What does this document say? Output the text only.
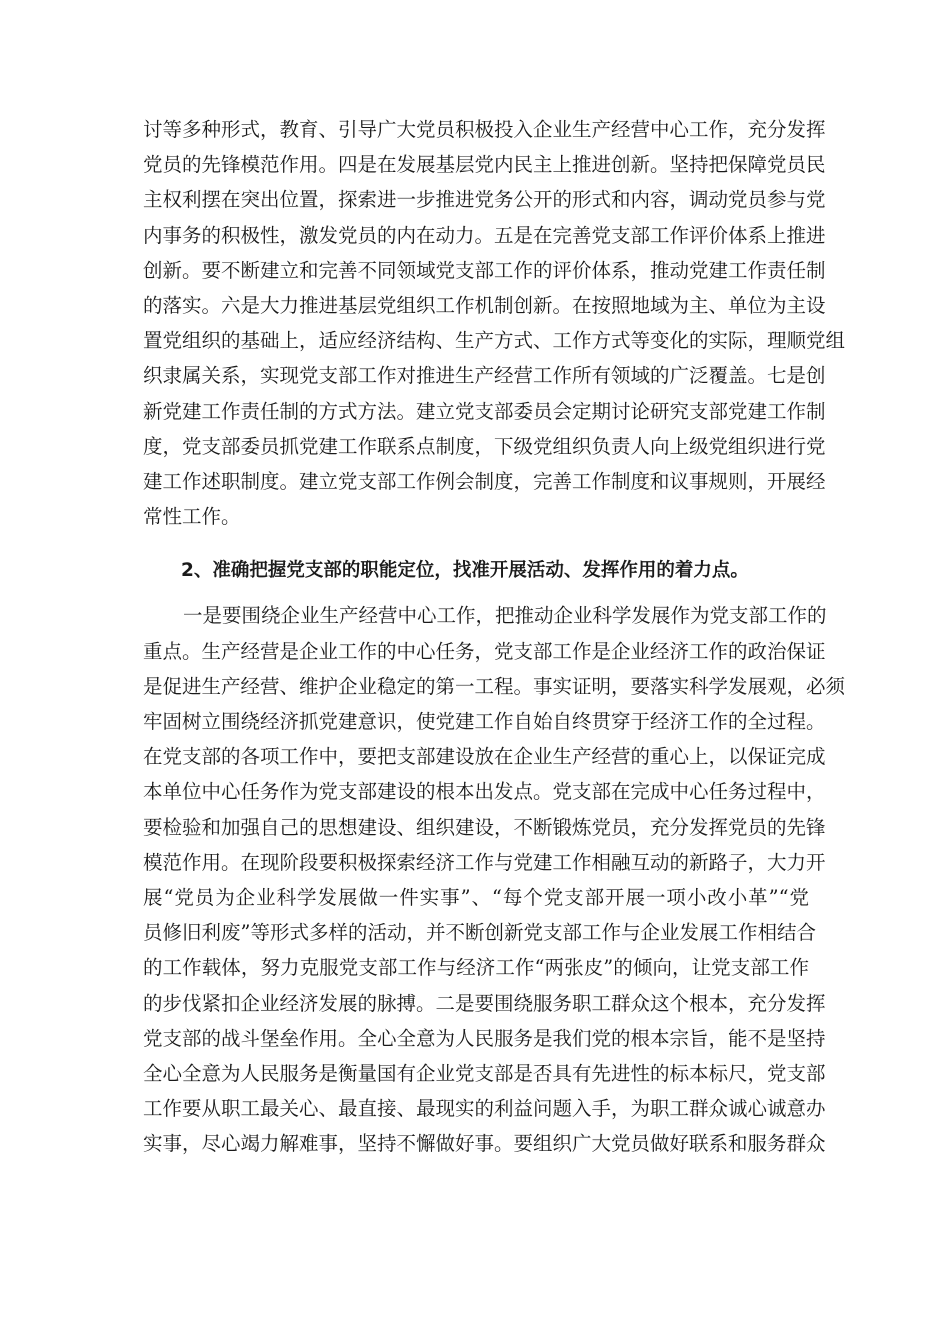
讨等多种形式，教育、引导广大党员积极投入企业生产经营中心工作，充分发挥
党员的先锋模范作用。四是在发展基层党内民主上推进创新。坚持把保障党员民
主权利摆在突出位置，探索进一步推进党务公开的形式和内容，调动党员参与党
内事务的积极性，激发党员的内在动力。五是在完善党支部工作评价体系上推进
创新。要不断建立和完善不同领域党支部工作的评价体系，推动党建工作责任制
的落实。六是大力推进基层党组织工作机制创新。在按照地域为主、单位为主设
置党组织的基础上，适应经济结构、生产方式、工作方式等变化的实际，理顺党组
织隶属关系，实现党支部工作对推进生产经营工作所有领域的广泛覆盖。七是创
新党建工作责任制的方式方法。建立党支部委员会定期讨论研究支部党建工作制
度，党支部委员抓党建工作联系点制度，下级党组织负责人向上级党组织进行党
建工作述职制度。建立党支部工作例会制度，完善工作制度和议事规则，开展经
常性工作。
2、准确把握党支部的职能定位，找准开展活动、发挥作用的着力点。
一是要围绕企业生产经营中心工作，把推动企业科学发展作为党支部工作的
重点。生产经营是企业工作的中心任务，党支部工作是企业经济工作的政治保证
是促进生产经营、维护企业稳定的第一工程。事实证明，要落实科学发展观，必须
牢固树立围绕经济抓党建意识，使党建工作自始自终贯穿于经济工作的全过程。
在党支部的各项工作中，要把支部建设放在企业生产经营的重心上，以保证完成
本单位中心任务作为党支部建设的根本出发点。党支部在完成中心任务过程中，
要检验和加强自己的思想建设、组织建设，不断锻炼党员，充分发挥党员的先锋
模范作用。在现阶段要积极探索经济工作与党建工作相融互动的新路子，大力开
展“党员为企业科学发展做一件实事”、“每个党支部开展一项小改小革”“党
员修旧利废”等形式多样的活动，并不断创新党支部工作与企业发展工作相结合
的工作载体，努力克服党支部工作与经济工作“两张皮”的倾向，让党支部工作
的步伐紧扣企业经济发展的脉搏。二是要围绕服务职工群众这个根本，充分发挥
党支部的战斗堡垒作用。全心全意为人民服务是我们党的根本宗旨，能不是坚持
全心全意为人民服务是衡量国有企业党支部是否具有先进性的标本标尺，党支部
工作要从职工最关心、最直接、最现实的利益问题入手，为职工群众诚心诚意办
实事，尽心竭力解难事，坚持不懈做好事。要组织广大党员做好联系和服务群众
